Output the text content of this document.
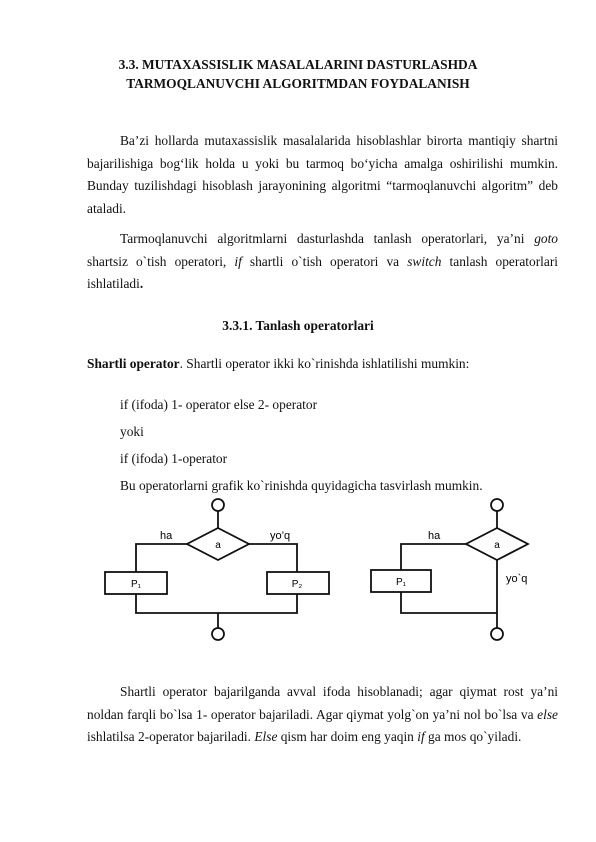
3.3. MUTAXASSISLIK MASALALARINI DASTURLASHDA
TARMOQLANUVCHI ALGORITMDAN FOYDALANISH
Ba’zi hollarda mutaxassislik masalalarida hisoblashlar birorta mantiqiy shartni bajarilishiga bog‘lik holda u yoki bu tarmoq bo‘yicha amalga oshirilishi mumkin. Bunday tuzilishdagi hisoblash jarayonining algoritmi “tarmoqlanuvchi algoritm” deb ataladi.
Tarmoqlanuvchi algoritmlarni dasturlashda tanlash operatorlari, ya’ni goto shartsiz o`tish operatori, if shartli o`tish operatori va switch tanlash operatorlari ishlatiladi.
3.3.1. Tanlash operatorlari
Shartli operator. Shartli operator ikki ko`rinishda ishlatilishi mumkin:
if (ifoda) 1- operator else 2- operator
yoki
if (ifoda) 1-operator
Bu operatorlarni grafik ko`rinishda quyidagicha tasvirlash mumkin.
ha	yo’q
a
P₁	P₂
ha
yo`q
a
P₁
Shartli operator bajarilganda avval ifoda hisoblanadi; agar qiymat rost ya’ni noldan farqli bo`lsa 1- operator bajariladi. Agar qiymat yolg`on ya’ni nol bo`lsa va else ishlatilsa 2-operator bajariladi. Else qism har doim eng yaqin if ga mos qo`yiladi.
